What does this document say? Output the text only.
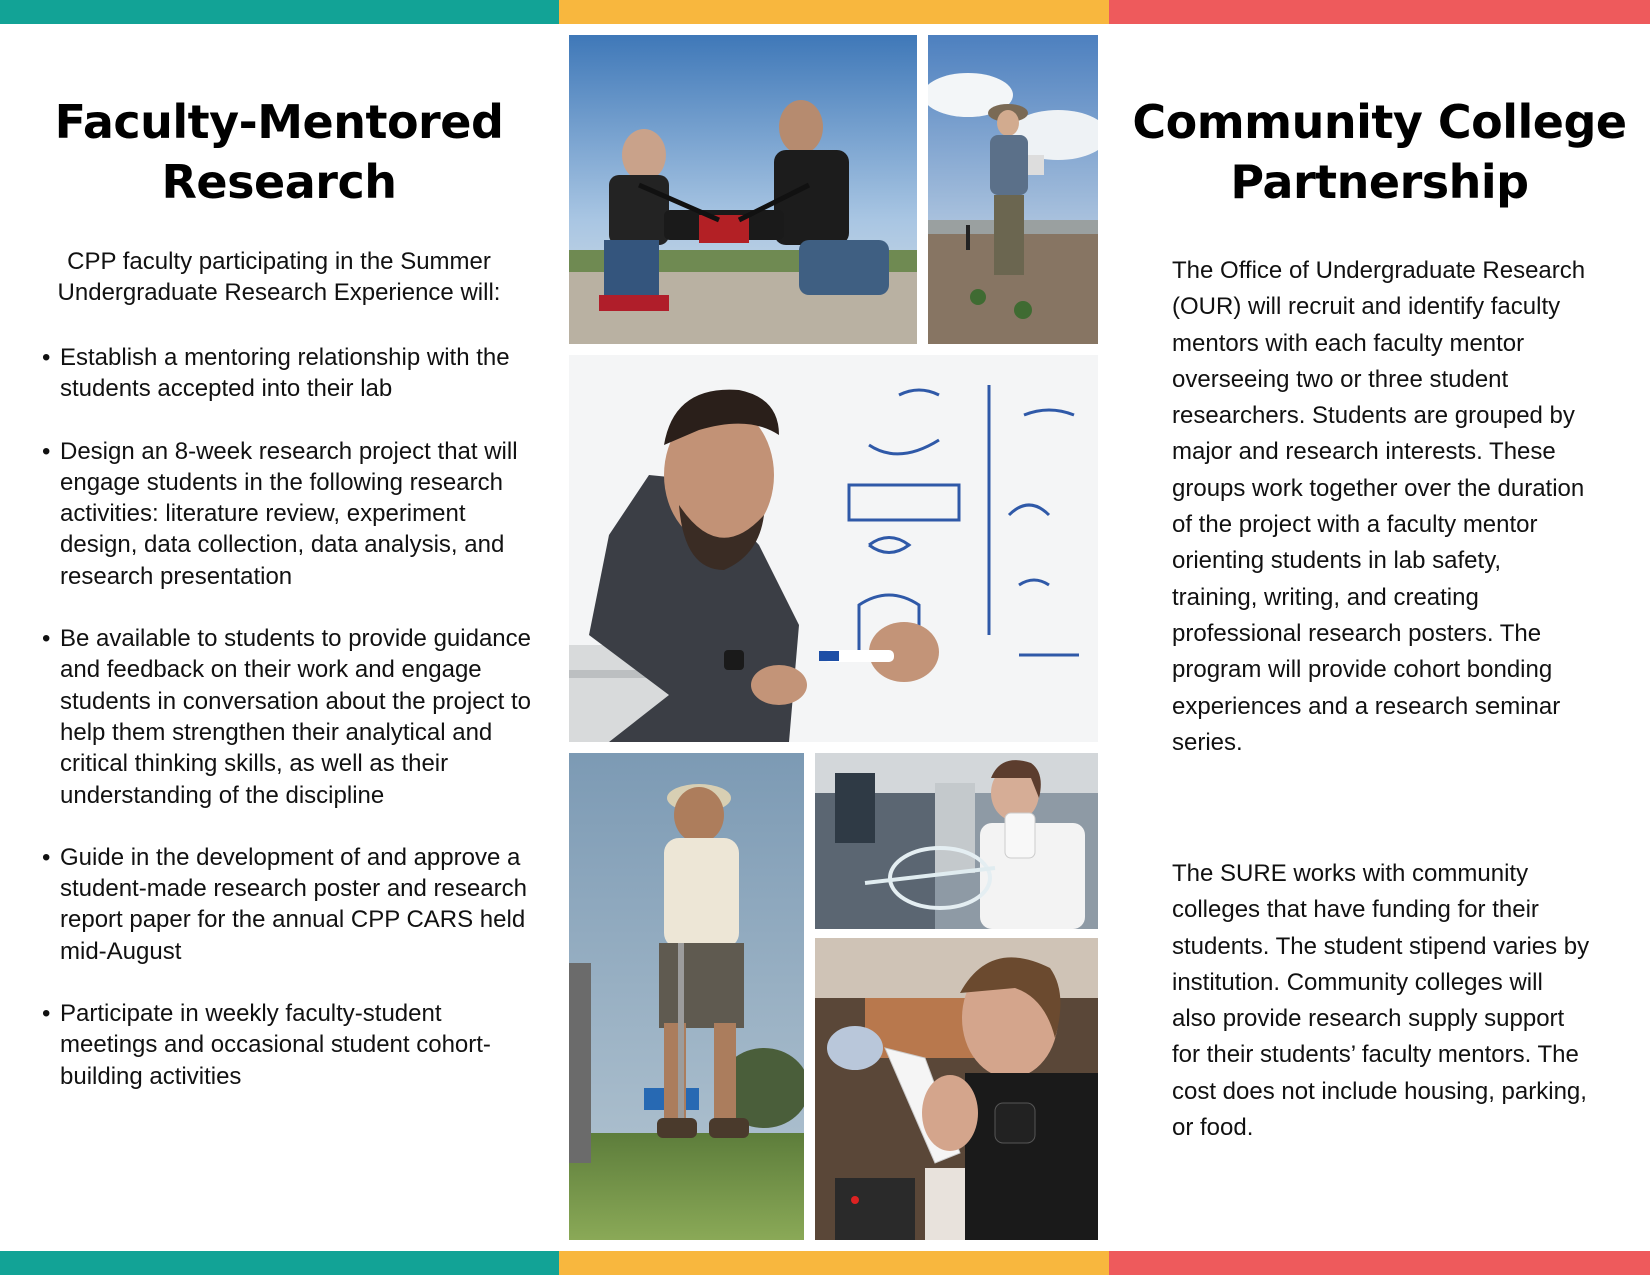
Faculty-Mentored
Research

CPP faculty participating in the Summer
Undergraduate Research Experience will:

• Establish a mentoring relationship with the students accepted into their lab
• Design an 8-week research project that will engage students in the following research activities: literature review, experiment design, data collection, data analysis, and research presentation
• Be available to students to provide guidance and feedback on their work and engage students in conversation about the project to help them strengthen their analytical and critical thinking skills, as well as their understanding of the discipline
• Guide in the development of and approve a student-made research poster and research report paper for the annual CPP CARS held mid-August
• Participate in weekly faculty-student meetings and occasional student cohort-building activities
Community College
Partnership

The Office of Undergraduate Research (OUR) will recruit and identify faculty mentors with each faculty mentor overseeing two or three student researchers. Students are grouped by major and research interests. These groups work together over the duration of the project with a faculty mentor orienting students in lab safety, training, writing, and creating professional research posters. The program will provide cohort bonding experiences and a research seminar series.

The SURE works with community colleges that have funding for their students. The student stipend varies by institution. Community colleges will also provide research supply support for their students’ faculty mentors. The cost does not include housing, parking, or food.
